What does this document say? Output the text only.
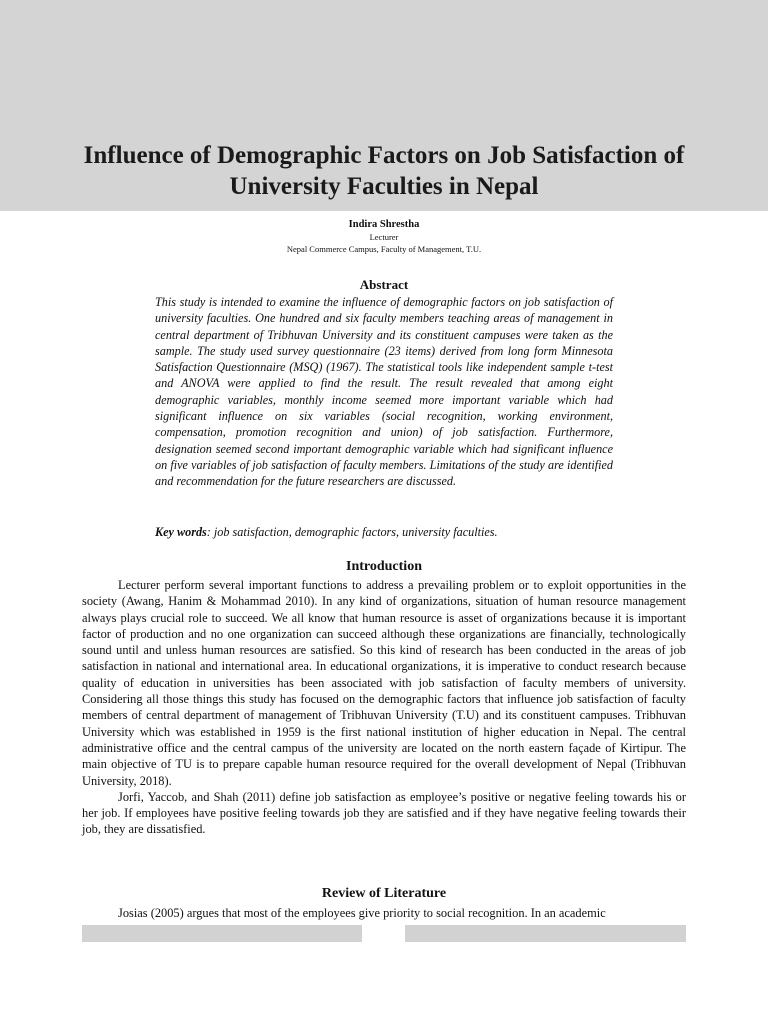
Influence of Demographic Factors on Job Satisfaction of University Faculties in Nepal
Indira Shrestha
Lecturer
Nepal Commerce Campus, Faculty of Management, T.U.
Abstract
This study is intended to examine the influence of demographic factors on job satisfaction of university faculties. One hundred and six faculty members teaching areas of management in central department of Tribhuvan University and its constituent campuses were taken as the sample. The study used survey questionnaire (23 items) derived from long form Minnesota Satisfaction Questionnaire (MSQ) (1967). The statistical tools like independent sample t-test and ANOVA were applied to find the result. The result revealed that among eight demographic variables, monthly income seemed more important variable which had significant influence on six variables (social recognition, working environment, compensation, promotion recognition and union) of job satisfaction. Furthermore, designation seemed second important demographic variable which had significant influence on five variables of job satisfaction of faculty members. Limitations of the study are identified and recommendation for the future researchers are discussed.
Key words: job satisfaction, demographic factors, university faculties.
Introduction

Lecturer perform several important functions to address a prevailing problem or to exploit opportunities in the society (Awang, Hanim & Mohammad 2010). In any kind of organizations, situation of human resource management always plays crucial role to succeed. We all know that human resource is asset of organizations because it is important factor of production and no one organization can succeed although these organizations are financially, technologically sound until and unless human resources are satisfied. So this kind of research has been conducted in the areas of job satisfaction in national and international area. In educational organizations, it is imperative to conduct research because quality of education in universities has been associated with job satisfaction of faculty members of university. Considering all those things this study has focused on the demographic factors that influence job satisfaction of faculty members of central department of management of Tribhuvan University (T.U) and its constituent campuses. Tribhuvan University which was established in 1959 is the first national institution of higher education in Nepal. The central administrative office and the central campus of the university are located on the north eastern façade of Kirtipur. The main objective of TU is to prepare capable human resource required for the overall development of Nepal (Tribhuvan University, 2018).

Jorfi, Yaccob, and Shah (2011) define job satisfaction as employee’s positive or negative feeling towards his or her job. If employees have positive feeling towards job they are satisfied and if they have negative feeling towards their job, they are dissatisfied.

Review of Literature

Josias (2005) argues that most of the employees give priority to social recognition. In an academic
